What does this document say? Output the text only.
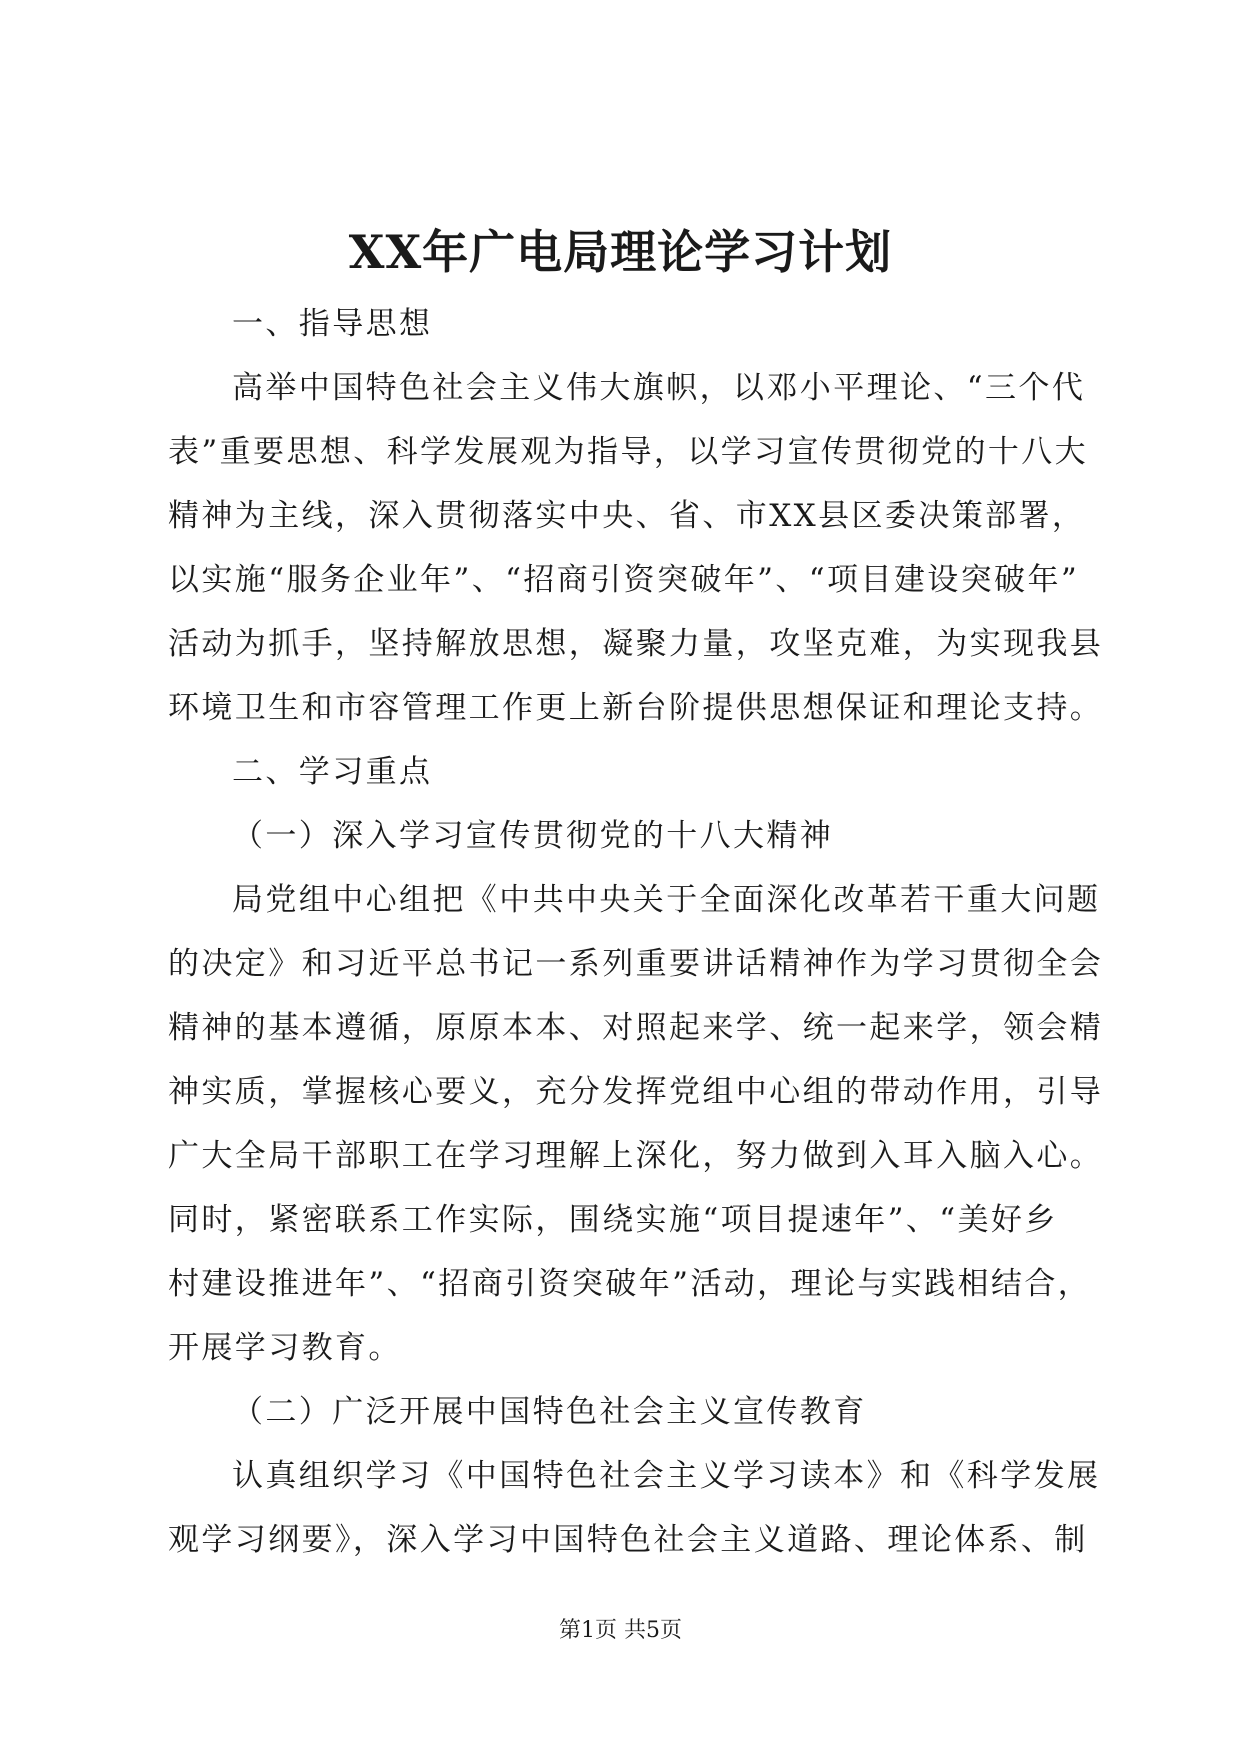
XX年广电局理论学习计划
一、指导思想
高举中国特色社会主义伟大旗帜，以邓小平理论、“三个代
表”重要思想、科学发展观为指导，以学习宣传贯彻党的十八大
精神为主线，深入贯彻落实中央、省、市XX县区委决策部署，
以实施“服务企业年”、“招商引资突破年”、“项目建设突破年”
活动为抓手，坚持解放思想，凝聚力量，攻坚克难，为实现我县
环境卫生和市容管理工作更上新台阶提供思想保证和理论支持。
二、学习重点
（一）深入学习宣传贯彻党的十八大精神
局党组中心组把《中共中央关于全面深化改革若干重大问题
的决定》和习近平总书记一系列重要讲话精神作为学习贯彻全会
精神的基本遵循，原原本本、对照起来学、统一起来学，领会精
神实质，掌握核心要义，充分发挥党组中心组的带动作用，引导
广大全局干部职工在学习理解上深化，努力做到入耳入脑入心。
同时，紧密联系工作实际，围绕实施“项目提速年”、“美好乡
村建设推进年”、“招商引资突破年”活动，理论与实践相结合，
开展学习教育。
（二）广泛开展中国特色社会主义宣传教育
认真组织学习《中国特色社会主义学习读本》和《科学发展
观学习纲要》，深入学习中国特色社会主义道路、理论体系、制
第1页 共5页
